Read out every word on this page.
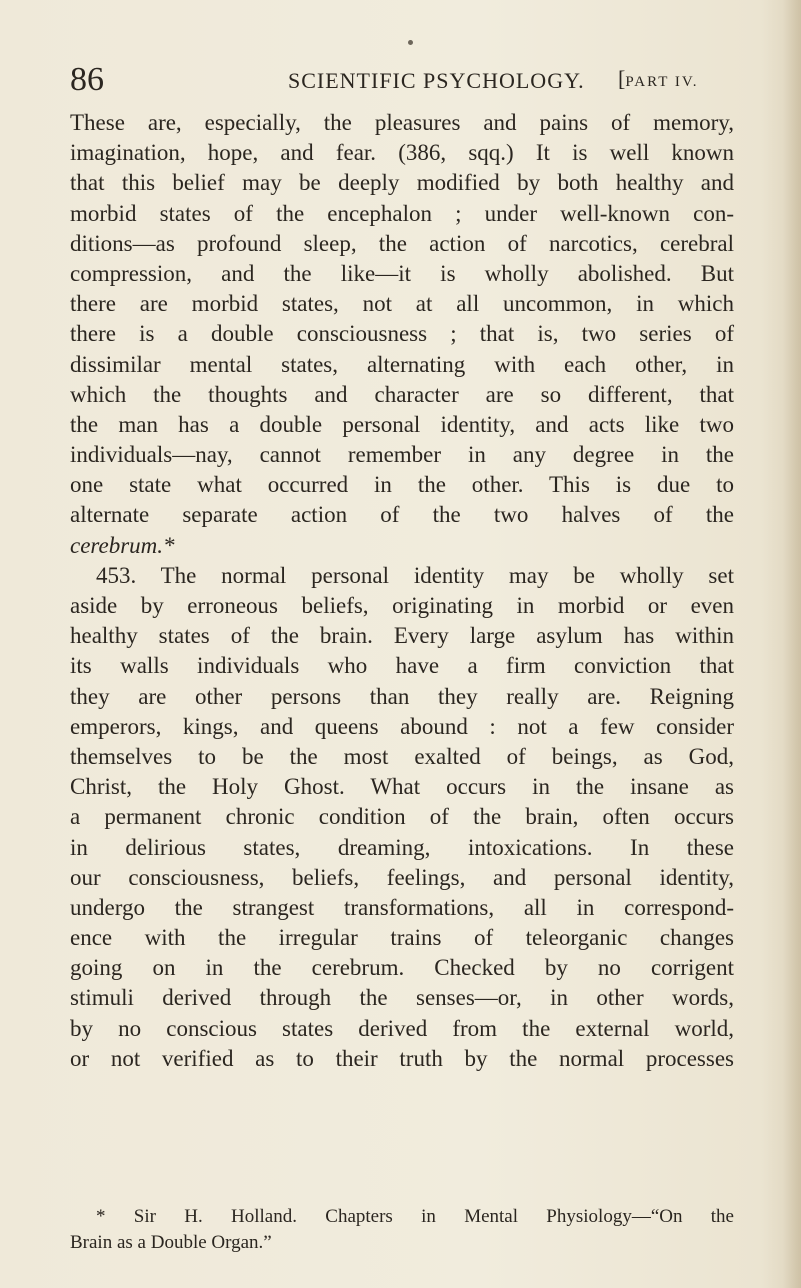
86	SCIENTIFIC PSYCHOLOGY. [PART IV.
These are, especially, the pleasures and pains of memory,
imagination, hope, and fear. (386, sqq.) It is well known
that this belief may be deeply modified by both healthy and
morbid states of the encephalon ; under well-known con-
ditions—as profound sleep, the action of narcotics, cerebral
compression, and the like—it is wholly abolished. But
there are morbid states, not at all uncommon, in which
there is a double consciousness ; that is, two series of
dissimilar mental states, alternating with each other, in
which the thoughts and character are so different, that
the man has a double personal identity, and acts like two
individuals—nay, cannot remember in any degree in the
one state what occurred in the other. This is due to
alternate separate action of the two halves of the
cerebrum.*
453. The normal personal identity may be wholly set
aside by erroneous beliefs, originating in morbid or even
healthy states of the brain. Every large asylum has within
its walls individuals who have a firm conviction that
they are other persons than they really are. Reigning
emperors, kings, and queens abound : not a few consider
themselves to be the most exalted of beings, as God,
Christ, the Holy Ghost. What occurs in the insane as
a permanent chronic condition of the brain, often occurs
in delirious states, dreaming, intoxications. In these
our consciousness, beliefs, feelings, and personal identity,
undergo the strangest transformations, all in correspond-
ence with the irregular trains of teleorganic changes
going on in the cerebrum. Checked by no corrigent
stimuli derived through the senses—or, in other words,
by no conscious states derived from the external world,
or not verified as to their truth by the normal processes
* Sir H. Holland. Chapters in Mental Physiology—“On the
Brain as a Double Organ.”
